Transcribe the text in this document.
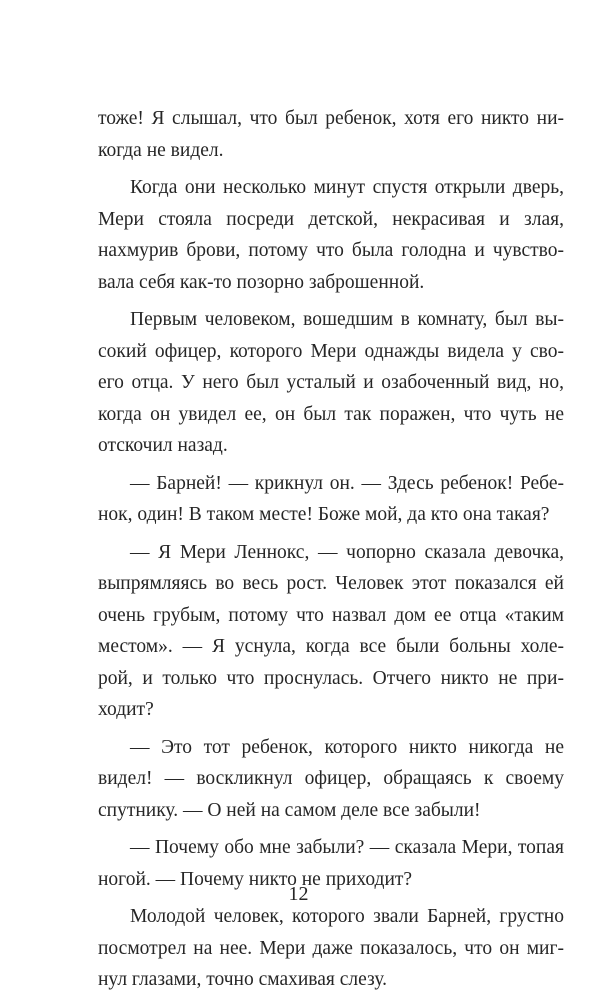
тоже! Я слышал, что был ребенок, хотя его никто ни-
когда не видел.
Когда они несколько минут спустя открыли дверь,
Мери стояла посреди детской, некрасивая и злая,
нахмурив брови, потому что была голодна и чувство-
вала себя как-то позорно заброшенной.
Первым человеком, вошедшим в комнату, был вы-
сокий офицер, которого Мери однажды видела у сво-
его отца. У него был усталый и озабоченный вид, но,
когда он увидел ее, он был так поражен, что чуть не
отскочил назад.
— Барней! — крикнул он. — Здесь ребенок! Ребе-
нок, один! В таком месте! Боже мой, да кто она такая?
— Я Мери Леннокс, — чопорно сказала девочка,
выпрямляясь во весь рост. Человек этот показался ей
очень грубым, потому что назвал дом ее отца «таким
местом». — Я уснула, когда все были больны холе-
рой, и только что проснулась. Отчего никто не при-
ходит?
— Это тот ребенок, которого никто никогда не
видел! — воскликнул офицер, обращаясь к своему
спутнику. — О ней на самом деле все забыли!
— Почему обо мне забыли? — сказала Мери, топая
ногой. — Почему никто не приходит?
Молодой человек, которого звали Барней, грустно
посмотрел на нее. Мери даже показалось, что он миг-
нул глазами, точно смахивая слезу.
12
